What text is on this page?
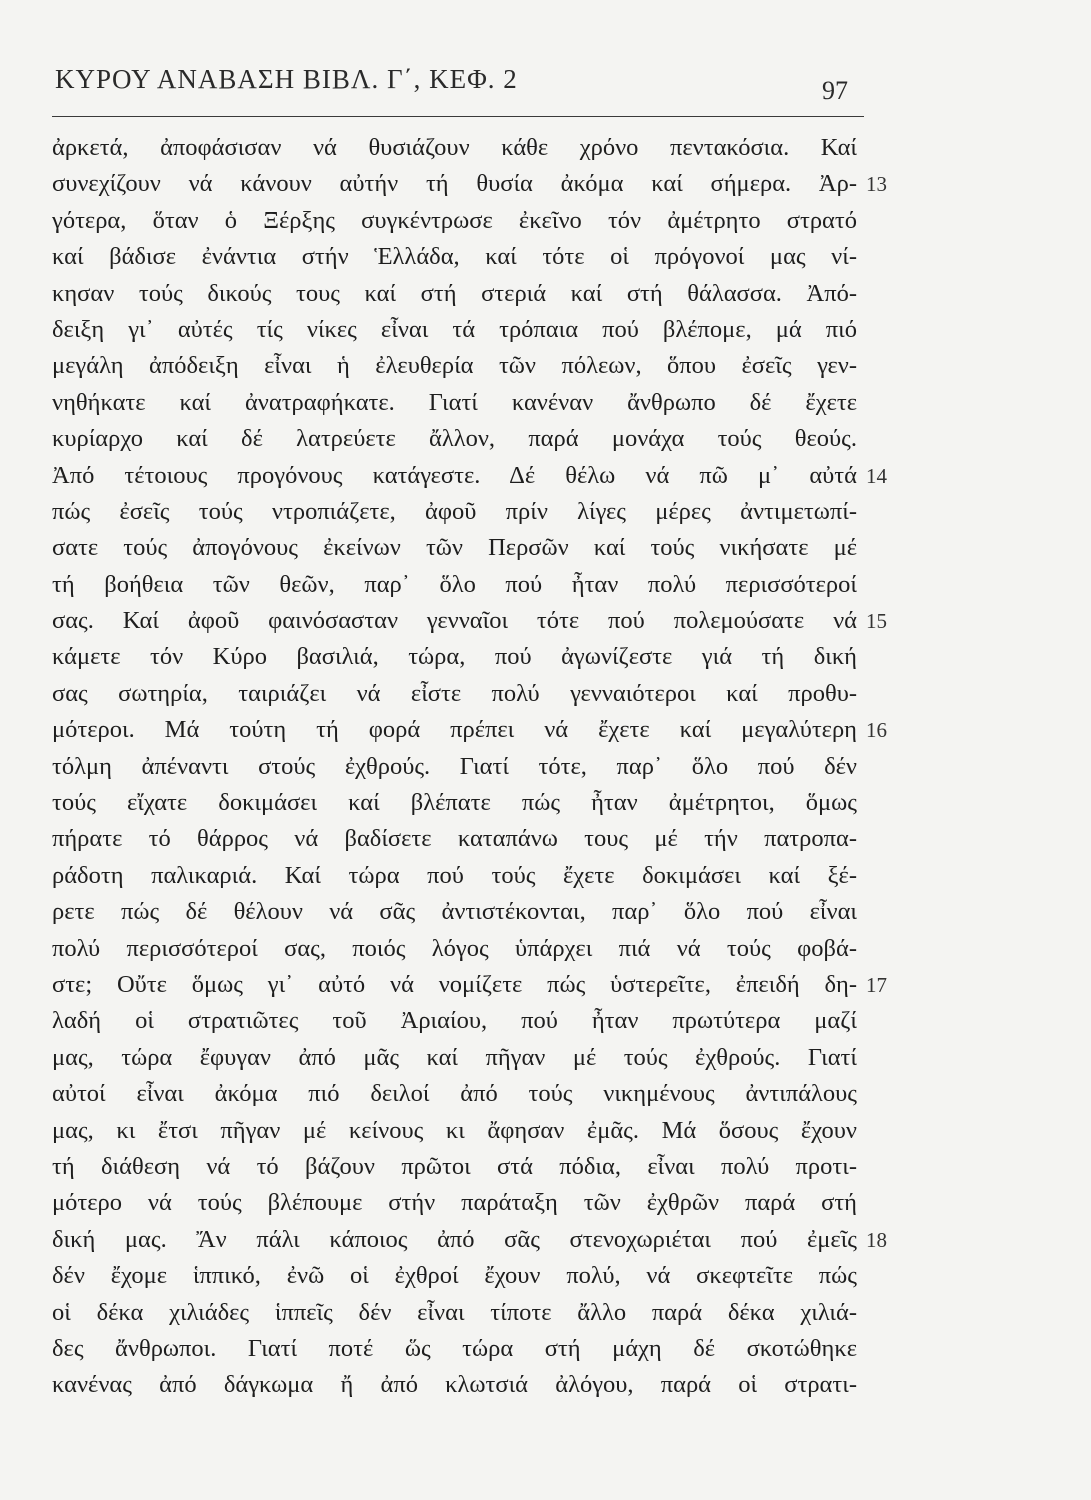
ΚΥΡΟΥ ΑΝΑΒΑΣΗ ΒΙΒΛ. Γ΄, ΚΕΦ. 2	97
ἀρκετά, ἀποφάσισαν νά θυσιάζουν κάθε χρόνο πεντακόσια. Καί
συνεχίζουν νά κάνουν αὐτήν τή θυσία ἀκόμα καί σήμερα. Ἀρ- 13
γότερα, ὅταν ὁ Ξέρξης συγκέντρωσε ἐκεῖνο τόν ἀμέτρητο στρατό
καί βάδισε ἐνάντια στήν Ἑλλάδα, καί τότε οἱ πρόγονοί μας νί-
κησαν τούς δικούς τους καί στή στεριά καί στή θάλασσα. Ἀπό-
δειξη γι᾽ αὐτές τίς νίκες εἶναι τά τρόπαια πού βλέπομε, μά πιό
μεγάλη ἀπόδειξη εἶναι ἡ ἐλευθερία τῶν πόλεων, ὅπου ἐσεῖς γεν-
νηθήκατε καί ἀνατραφήκατε. Γιατί κανέναν ἄνθρωπο δέ ἔχετε
κυρίαρχο καί δέ λατρεύετε ἄλλον, παρά μονάχα τούς θεούς.
Ἀπό τέτοιους προγόνους κατάγεστε. Δέ θέλω νά πῶ μ᾽ αὐτά 14
πώς ἐσεῖς τούς ντροπιάζετε, ἀφοῦ πρίν λίγες μέρες ἀντιμετωπί-
σατε τούς ἀπογόνους ἐκείνων τῶν Περσῶν καί τούς νικήσατε μέ
τή βοήθεια τῶν θεῶν, παρ᾽ ὅλο πού ἦταν πολύ περισσότεροί
σας. Καί ἀφοῦ φαινόσασταν γενναῖοι τότε πού πολεμούσατε νά 15
κάμετε τόν Κύρο βασιλιά, τώρα, πού ἀγωνίζεστε γιά τή δική
σας σωτηρία, ταιριάζει νά εἶστε πολύ γενναιότεροι καί προθυ-
μότεροι. Μά τούτη τή φορά πρέπει νά ἔχετε καί μεγαλύτερη 16
τόλμη ἀπέναντι στούς ἐχθρούς. Γιατί τότε, παρ᾽ ὅλο πού δέν
τούς εἴχατε δοκιμάσει καί βλέπατε πώς ἦταν ἀμέτρητοι, ὅμως
πήρατε τό θάρρος νά βαδίσετε καταπάνω τους μέ τήν πατροπα-
ράδοτη παλικαριά. Καί τώρα πού τούς ἔχετε δοκιμάσει καί ξέ-
ρετε πώς δέ θέλουν νά σᾶς ἀντιστέκονται, παρ᾽ ὅλο πού εἶναι
πολύ περισσότεροί σας, ποιός λόγος ὑπάρχει πιά νά τούς φοβά-
στε; Οὔτε ὅμως γι᾽ αὐτό νά νομίζετε πώς ὑστερεῖτε, ἐπειδή δη- 17
λαδή οἱ στρατιῶτες τοῦ Ἀριαίου, πού ἦταν πρωτύτερα μαζί
μας, τώρα ἔφυγαν ἀπό μᾶς καί πῆγαν μέ τούς ἐχθρούς. Γιατί
αὐτοί εἶναι ἀκόμα πιό δειλοί ἀπό τούς νικημένους ἀντιπάλους
μας, κι ἔτσι πῆγαν μέ κείνους κι ἄφησαν ἐμᾶς. Μά ὅσους ἔχουν
τή διάθεση νά τό βάζουν πρῶτοι στά πόδια, εἶναι πολύ προτι-
μότερο νά τούς βλέπουμε στήν παράταξη τῶν ἐχθρῶν παρά στή
δική μας. Ἄν πάλι κάποιος ἀπό σᾶς στενοχωριέται πού ἐμεῖς 18
δέν ἔχομε ἱππικό, ἐνῶ οἱ ἐχθροί ἔχουν πολύ, νά σκεφτεῖτε πώς
οἱ δέκα χιλιάδες ἱππεῖς δέν εἶναι τίποτε ἄλλο παρά δέκα χιλιά-
δες ἄνθρωποι. Γιατί ποτέ ὥς τώρα στή μάχη δέ σκοτώθηκε
κανένας ἀπό δάγκωμα ἤ ἀπό κλωτσιά ἀλόγου, παρά οἱ στρατι-
